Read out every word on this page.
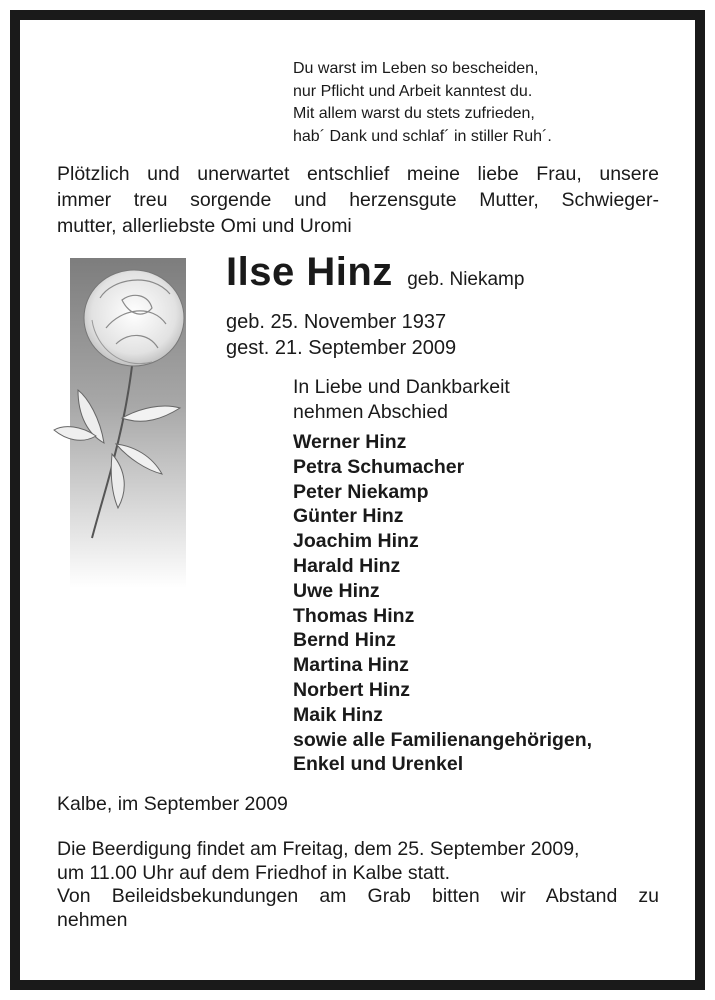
Du warst im Leben so bescheiden,
nur Pflicht und Arbeit kanntest du.
Mit allem warst du stets zufrieden,
hab´ Dank und schlaf´ in stiller Ruh´.
Plötzlich und unerwartet entschlief meine liebe Frau, unsere
immer treu sorgende und herzensgute Mutter, Schwieger-
mutter, allerliebste Omi und Uromi
Ilse Hinz geb. Niekamp
geb. 25. November 1937
gest. 21. September 2009
In Liebe und Dankbarkeit
nehmen Abschied
Werner Hinz
Petra Schumacher
Peter Niekamp
Günter Hinz
Joachim Hinz
Harald Hinz
Uwe Hinz
Thomas Hinz
Bernd Hinz
Martina Hinz
Norbert Hinz
Maik Hinz
sowie alle Familienangehörigen,
Enkel und Urenkel
Kalbe, im September 2009
Die Beerdigung findet am Freitag, dem 25. September 2009,
um 11.00 Uhr auf dem Friedhof in Kalbe statt.
Von Beileidsbekundungen am Grab bitten wir Abstand zu
nehmen
